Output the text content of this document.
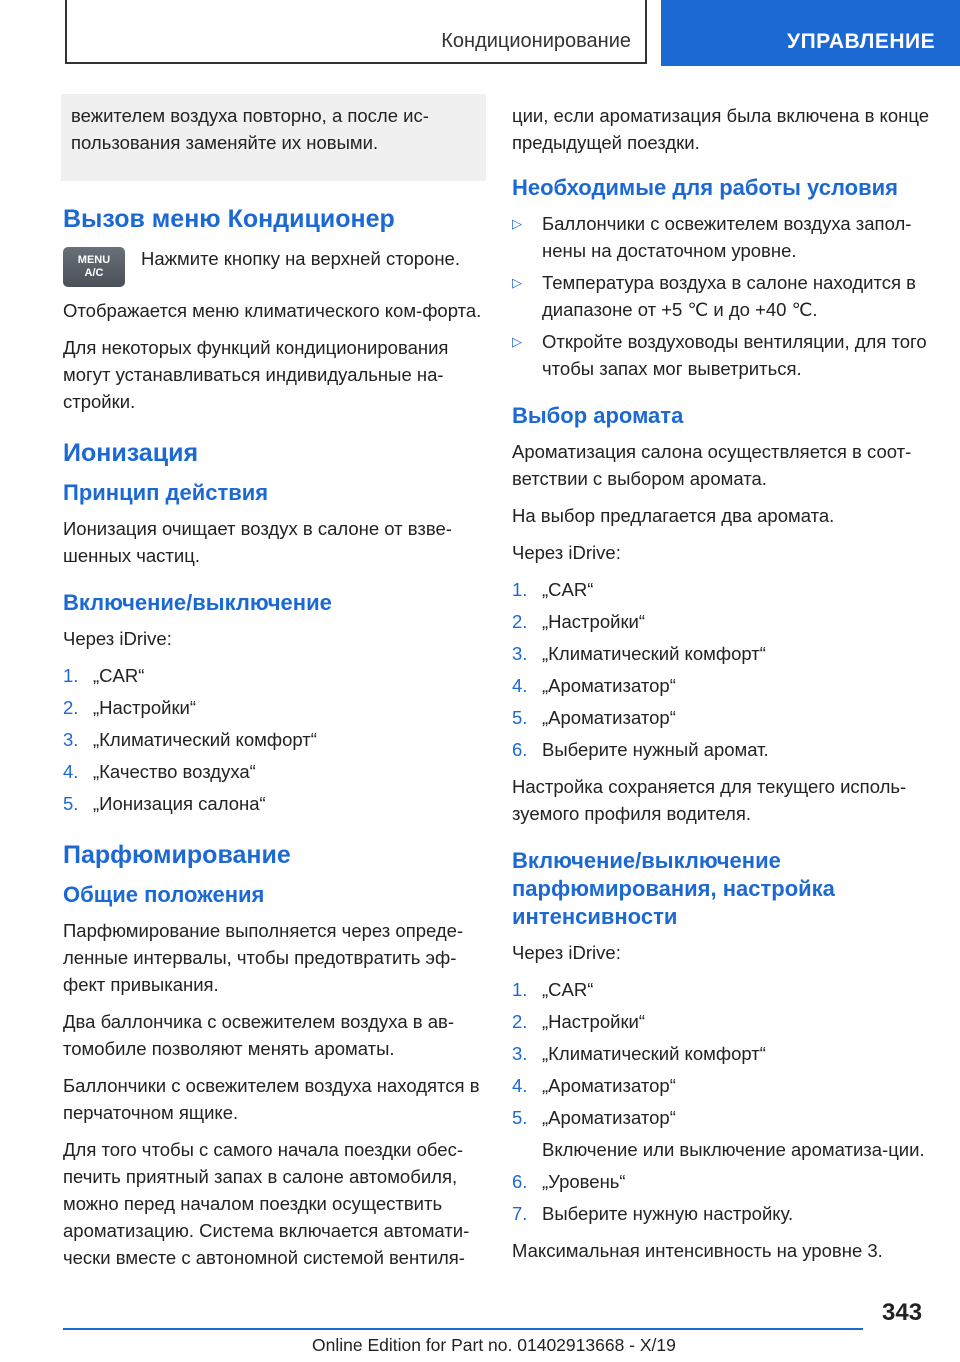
Кондиционирование	УПРАВЛЕНИЕ
вежителем воздуха повторно, а после ис-пользования заменяйте их новыми.
Вызов меню Кондиционер
MENU
A/C
Нажмите кнопку на верхней стороне.

Отображается меню климатического ком-форта.

Для некоторых функций кондиционирования могут устанавливаться индивидуальные на-стройки.

Ионизация
Принцип действия

Ионизация очищает воздух в салоне от взве-шенных частиц.

Включение/выключение

Через iDrive:

1. „CAR“
2. „Настройки“
3. „Климатический комфорт“
4. „Качество воздуха“
5. „Ионизация салона“
Парфюмирование
Общие положения

Парфюмирование выполняется через опреде-ленные интервалы, чтобы предотвратить эф-фект привыкания.

Два баллончика с освежителем воздуха в ав-томобиле позволяют менять ароматы.

Баллончики с освежителем воздуха находятся в перчаточном ящике.

Для того чтобы с самого начала поездки обес-печить приятный запах в салоне автомобиля, можно перед началом поездки осуществить ароматизацию. Система включается автомати-чески вместе с автономной системой вентиля-

ции, если ароматизация была включена в конце предыдущей поездки.

Необходимые для работы условия
▷	Баллончики с освежителем воздуха запол-нены на достаточном уровне.
▷	Температура воздуха в салоне находится в диапазоне от +5 ℃ и до +40 ℃.
▷	Откройте воздуховоды вентиляции, для того чтобы запах мог выветриться.
Выбор аромата

Ароматизация салона осуществляется в соот-ветствии с выбором аромата.

На выбор предлагается два аромата.

Через iDrive:

1. „CAR“
2. „Настройки“
3. „Климатический комфорт“
4. „Ароматизатор“
5. „Ароматизатор“
6. Выберите нужный аромат.

Настройка сохраняется для текущего исполь-зуемого профиля водителя.

Включение/выключение парфюмирования, настройка интенсивности

Через iDrive:

1. „CAR“
2. „Настройки“
3. „Климатический комфорт“
4. „Ароматизатор“
5. „Ароматизатор“
Включение или выключение ароматиза-ции.
6. „Уровень“
7. Выберите нужную настройку.

Максимальная интенсивность на уровне 3.

343
Online Edition for Part no. 01402913668 - X/19
